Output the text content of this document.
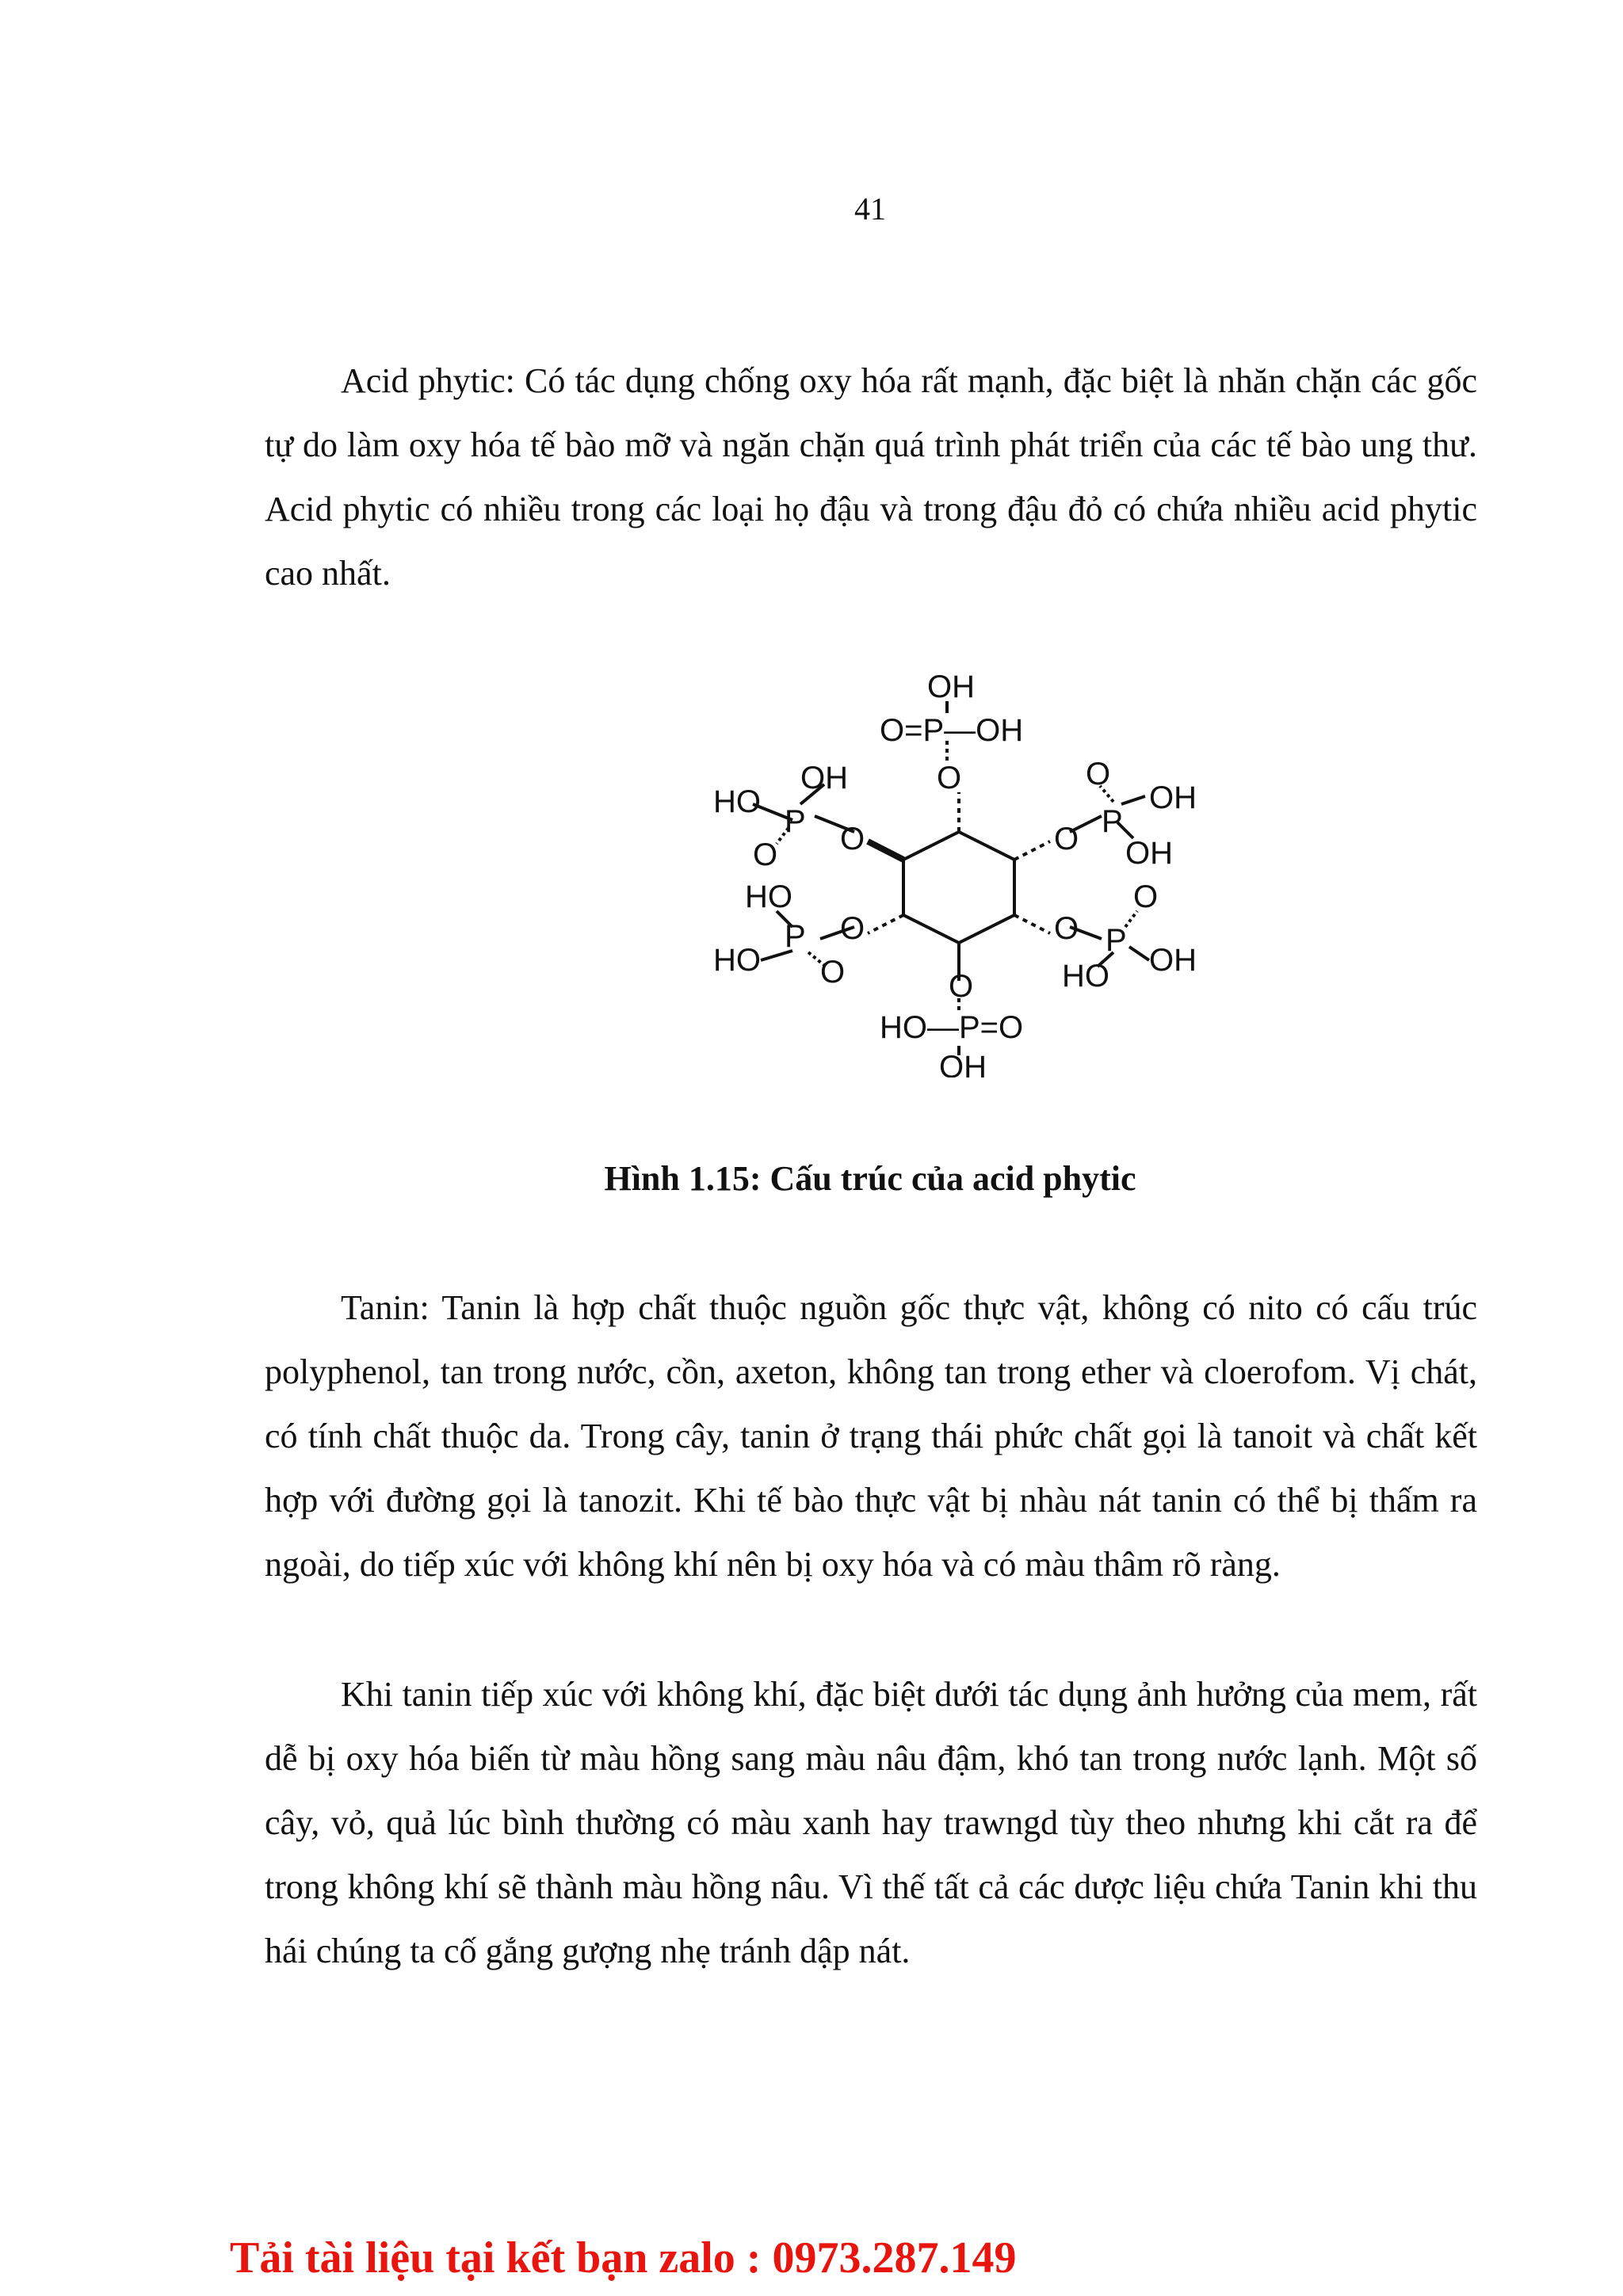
41

Acid phytic: Có tác dụng chống oxy hóa rất mạnh, đặc biệt là nhăn chặn các gốc tự do làm oxy hóa tế bào mỡ và ngăn chặn quá trình phát triển của các tế bào ung thư. Acid phytic có nhiều trong các loại họ đậu và trong đậu đỏ có chứa nhiều acid phytic cao nhất.

OH
O=P—OH
O
HO
OH
P
O O
O
OH
P
OH
O
HO
HO
P
O
O
O
OH
P
HO
O
O
HO—P=O
OH
Hình 1.15: Cấu trúc của acid phytic

Tanin: Tanin là hợp chất thuộc nguồn gốc thực vật, không có nito có cấu trúc polyphenol, tan trong nước, cồn, axeton, không tan trong ether và cloerofom. Vị chát, có tính chất thuộc da. Trong cây, tanin ở trạng thái phức chất gọi là tanoit và chất kết hợp với đường gọi là tanozit. Khi tế bào thực vật bị nhàu nát tanin có thể bị thấm ra ngoài, do tiếp xúc với không khí nên bị oxy hóa và có màu thâm rõ ràng.

Khi tanin tiếp xúc với không khí, đặc biệt dưới tác dụng ảnh hưởng của mem, rất dễ bị oxy hóa biến từ màu hồng sang màu nâu đậm, khó tan trong nước lạnh. Một số cây, vỏ, quả lúc bình thường có màu xanh hay trawngd tùy theo nhưng khi cắt ra để trong không khí sẽ thành màu hồng nâu. Vì thế tất cả các dược liệu chứa Tanin khi thu hái chúng ta cố gắng gượng nhẹ tránh dập nát.

Tải tài liệu tại kết bạn zalo : 0973.287.149
